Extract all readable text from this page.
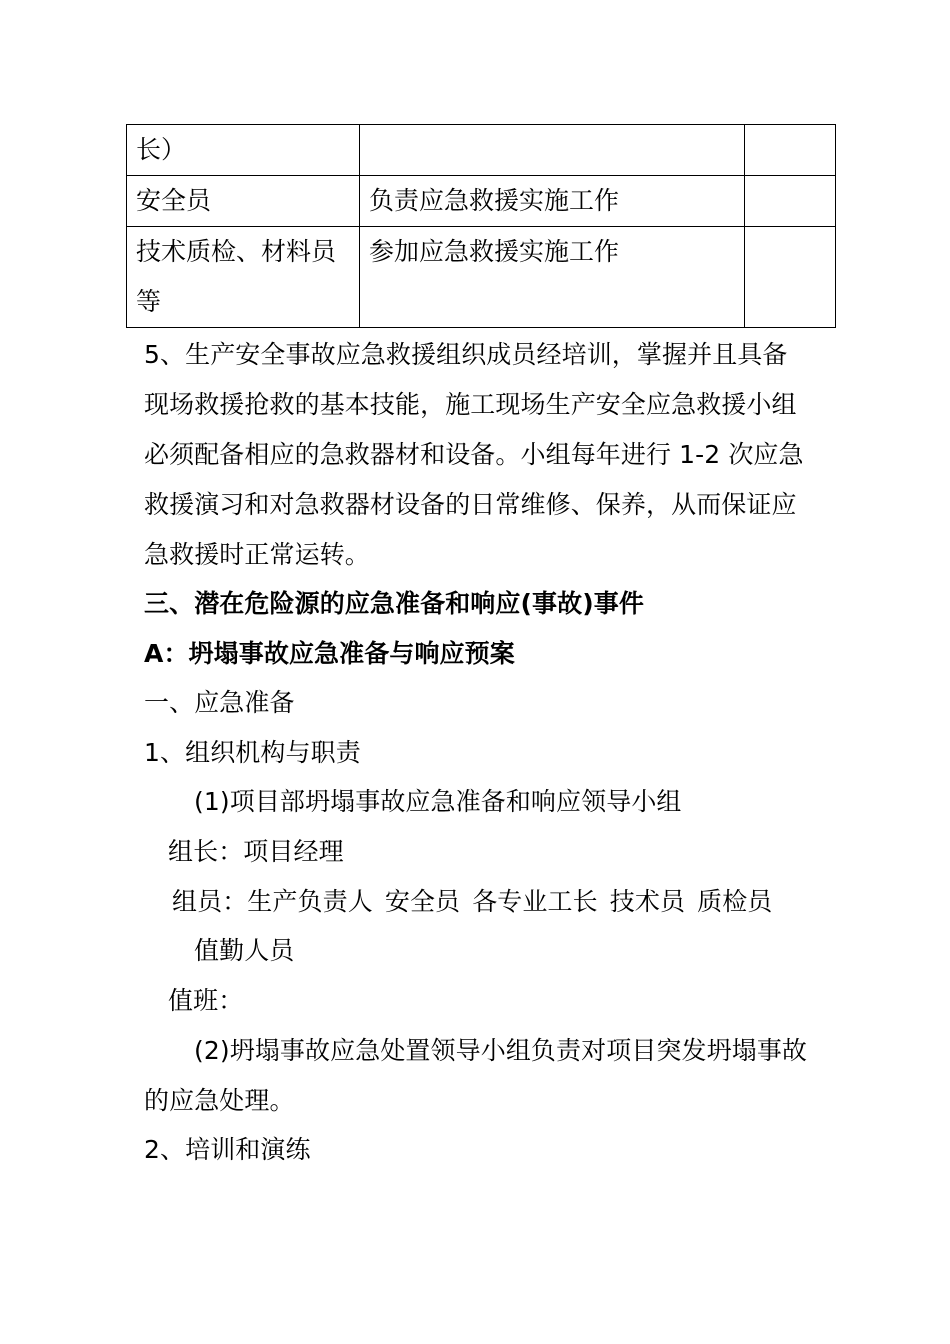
长）		
安全员	负责应急救援实施工作	

技术质检、材料员
等	参加应急救援实施工作	
5、生产安全事故应急救援组织成员经培训，掌握并且具备
现场救援抢救的基本技能，施工现场生产安全应急救援小组
必须配备相应的急救器材和设备。小组每年进行 1-2 次应急
救援演习和对急救器材设备的日常维修、保养，从而保证应
急救援时正常运转。
三、潜在危险源的应急准备和响应(事故)事件
A：坍塌事故应急准备与响应预案
一、应急准备
1、组织机构与职责
(1)项目部坍塌事故应急准备和响应领导小组
组长：项目经理
组员：生产负责人 安全员 各专业工长 技术员 质检员
值勤人员
值班：
(2)坍塌事故应急处置领导小组负责对项目突发坍塌事故
的应急处理。
2、培训和演练
